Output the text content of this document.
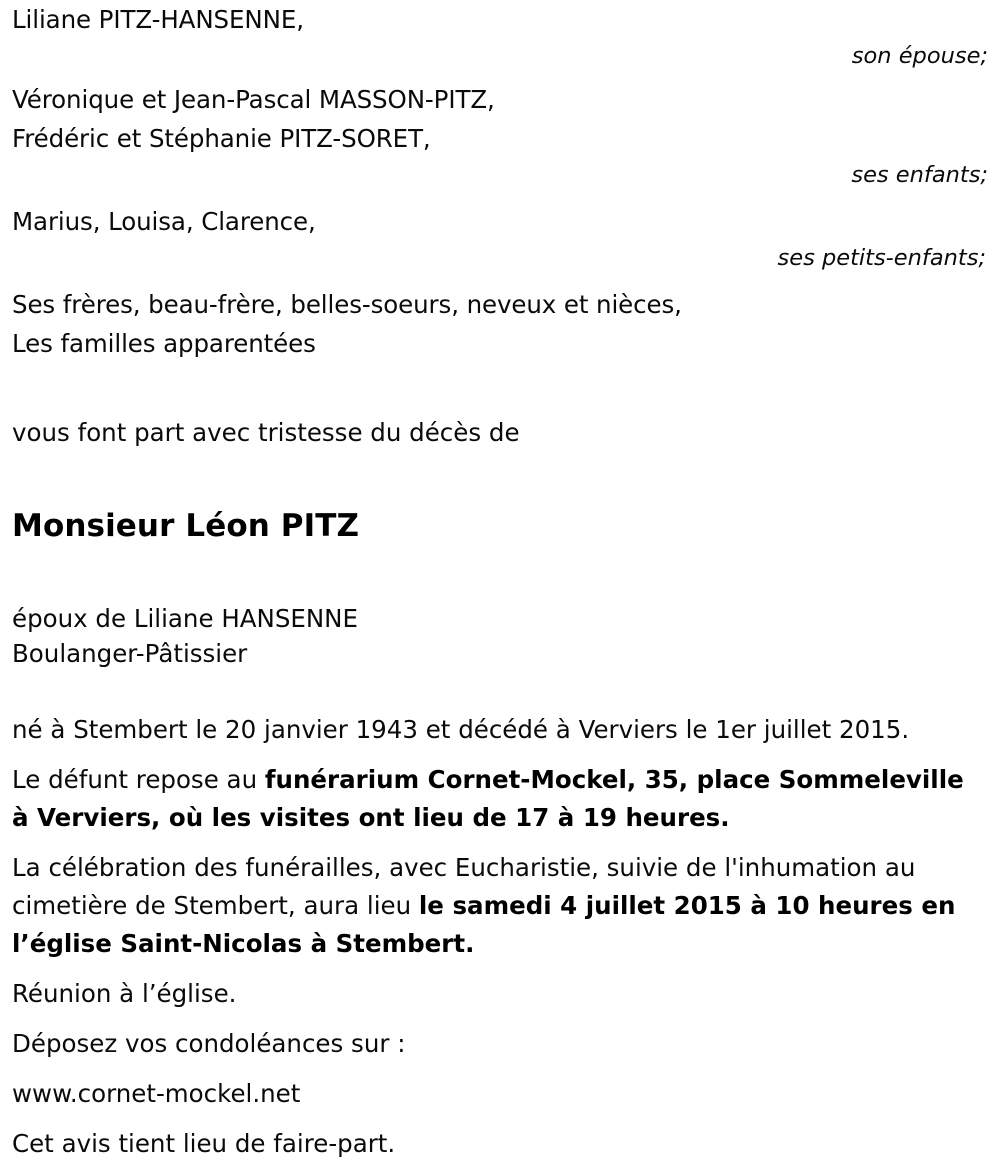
Liliane PITZ-HANSENNE,
son épouse;
Véronique et Jean-Pascal MASSON-PITZ,
Frédéric et Stéphanie PITZ-SORET,
ses enfants;
Marius, Louisa, Clarence,
ses petits-enfants;
Ses frères, beau-frère, belles-soeurs, neveux et nièces,
Les familles apparentées
vous font part avec tristesse du décès de
Monsieur Léon PITZ
époux de Liliane HANSENNE
Boulanger-Pâtissier
né à Stembert le 20 janvier 1943 et décédé à Verviers le 1er juillet 2015.

Le défunt repose au funérarium Cornet-Mockel, 35, place Sommeleville à Verviers, où les visites ont lieu de 17 à 19 heures.

La célébration des funérailles, avec Eucharistie, suivie de l'inhumation au cimetière de Stembert, aura lieu le samedi 4 juillet 2015 à 10 heures en l’église Saint-Nicolas à Stembert.

Réunion à l’église.
Déposez vos condoléances sur :
www.cornet-mockel.net
Cet avis tient lieu de faire-part.
